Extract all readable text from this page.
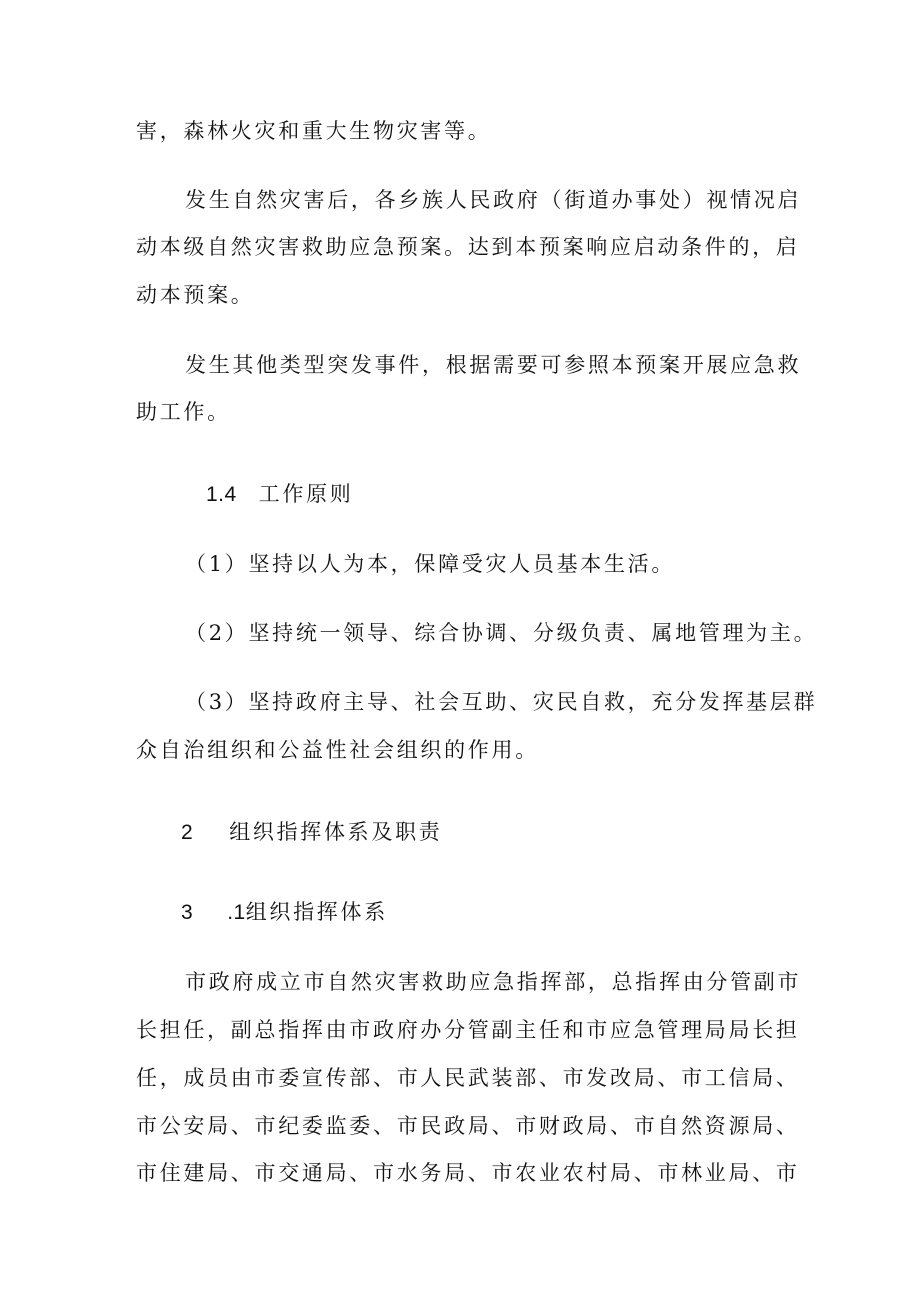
害，森林火灾和重大生物灾害等。
发生自然灾害后，各乡族人民政府（街道办事处）视情况启
动本级自然灾害救助应急预案。达到本预案响应启动条件的，启
动本预案。
发生其他类型突发事件，根据需要可参照本预案开展应急救
助工作。
1.4 工作原则
（1）坚持以人为本，保障受灾人员基本生活。
（2）坚持统一领导、综合协调、分级负责、属地管理为主。
（3）坚持政府主导、社会互助、灾民自救，充分发挥基层群
众自治组织和公益性社会组织的作用。
2 组织指挥体系及职责
3 .1组织指挥体系
市政府成立市自然灾害救助应急指挥部，总指挥由分管副市
长担任，副总指挥由市政府办分管副主任和市应急管理局局长担
任，成员由市委宣传部、市人民武装部、市发改局、市工信局、
市公安局、市纪委监委、市民政局、市财政局、市自然资源局、
市住建局、市交通局、市水务局、市农业农村局、市林业局、市
